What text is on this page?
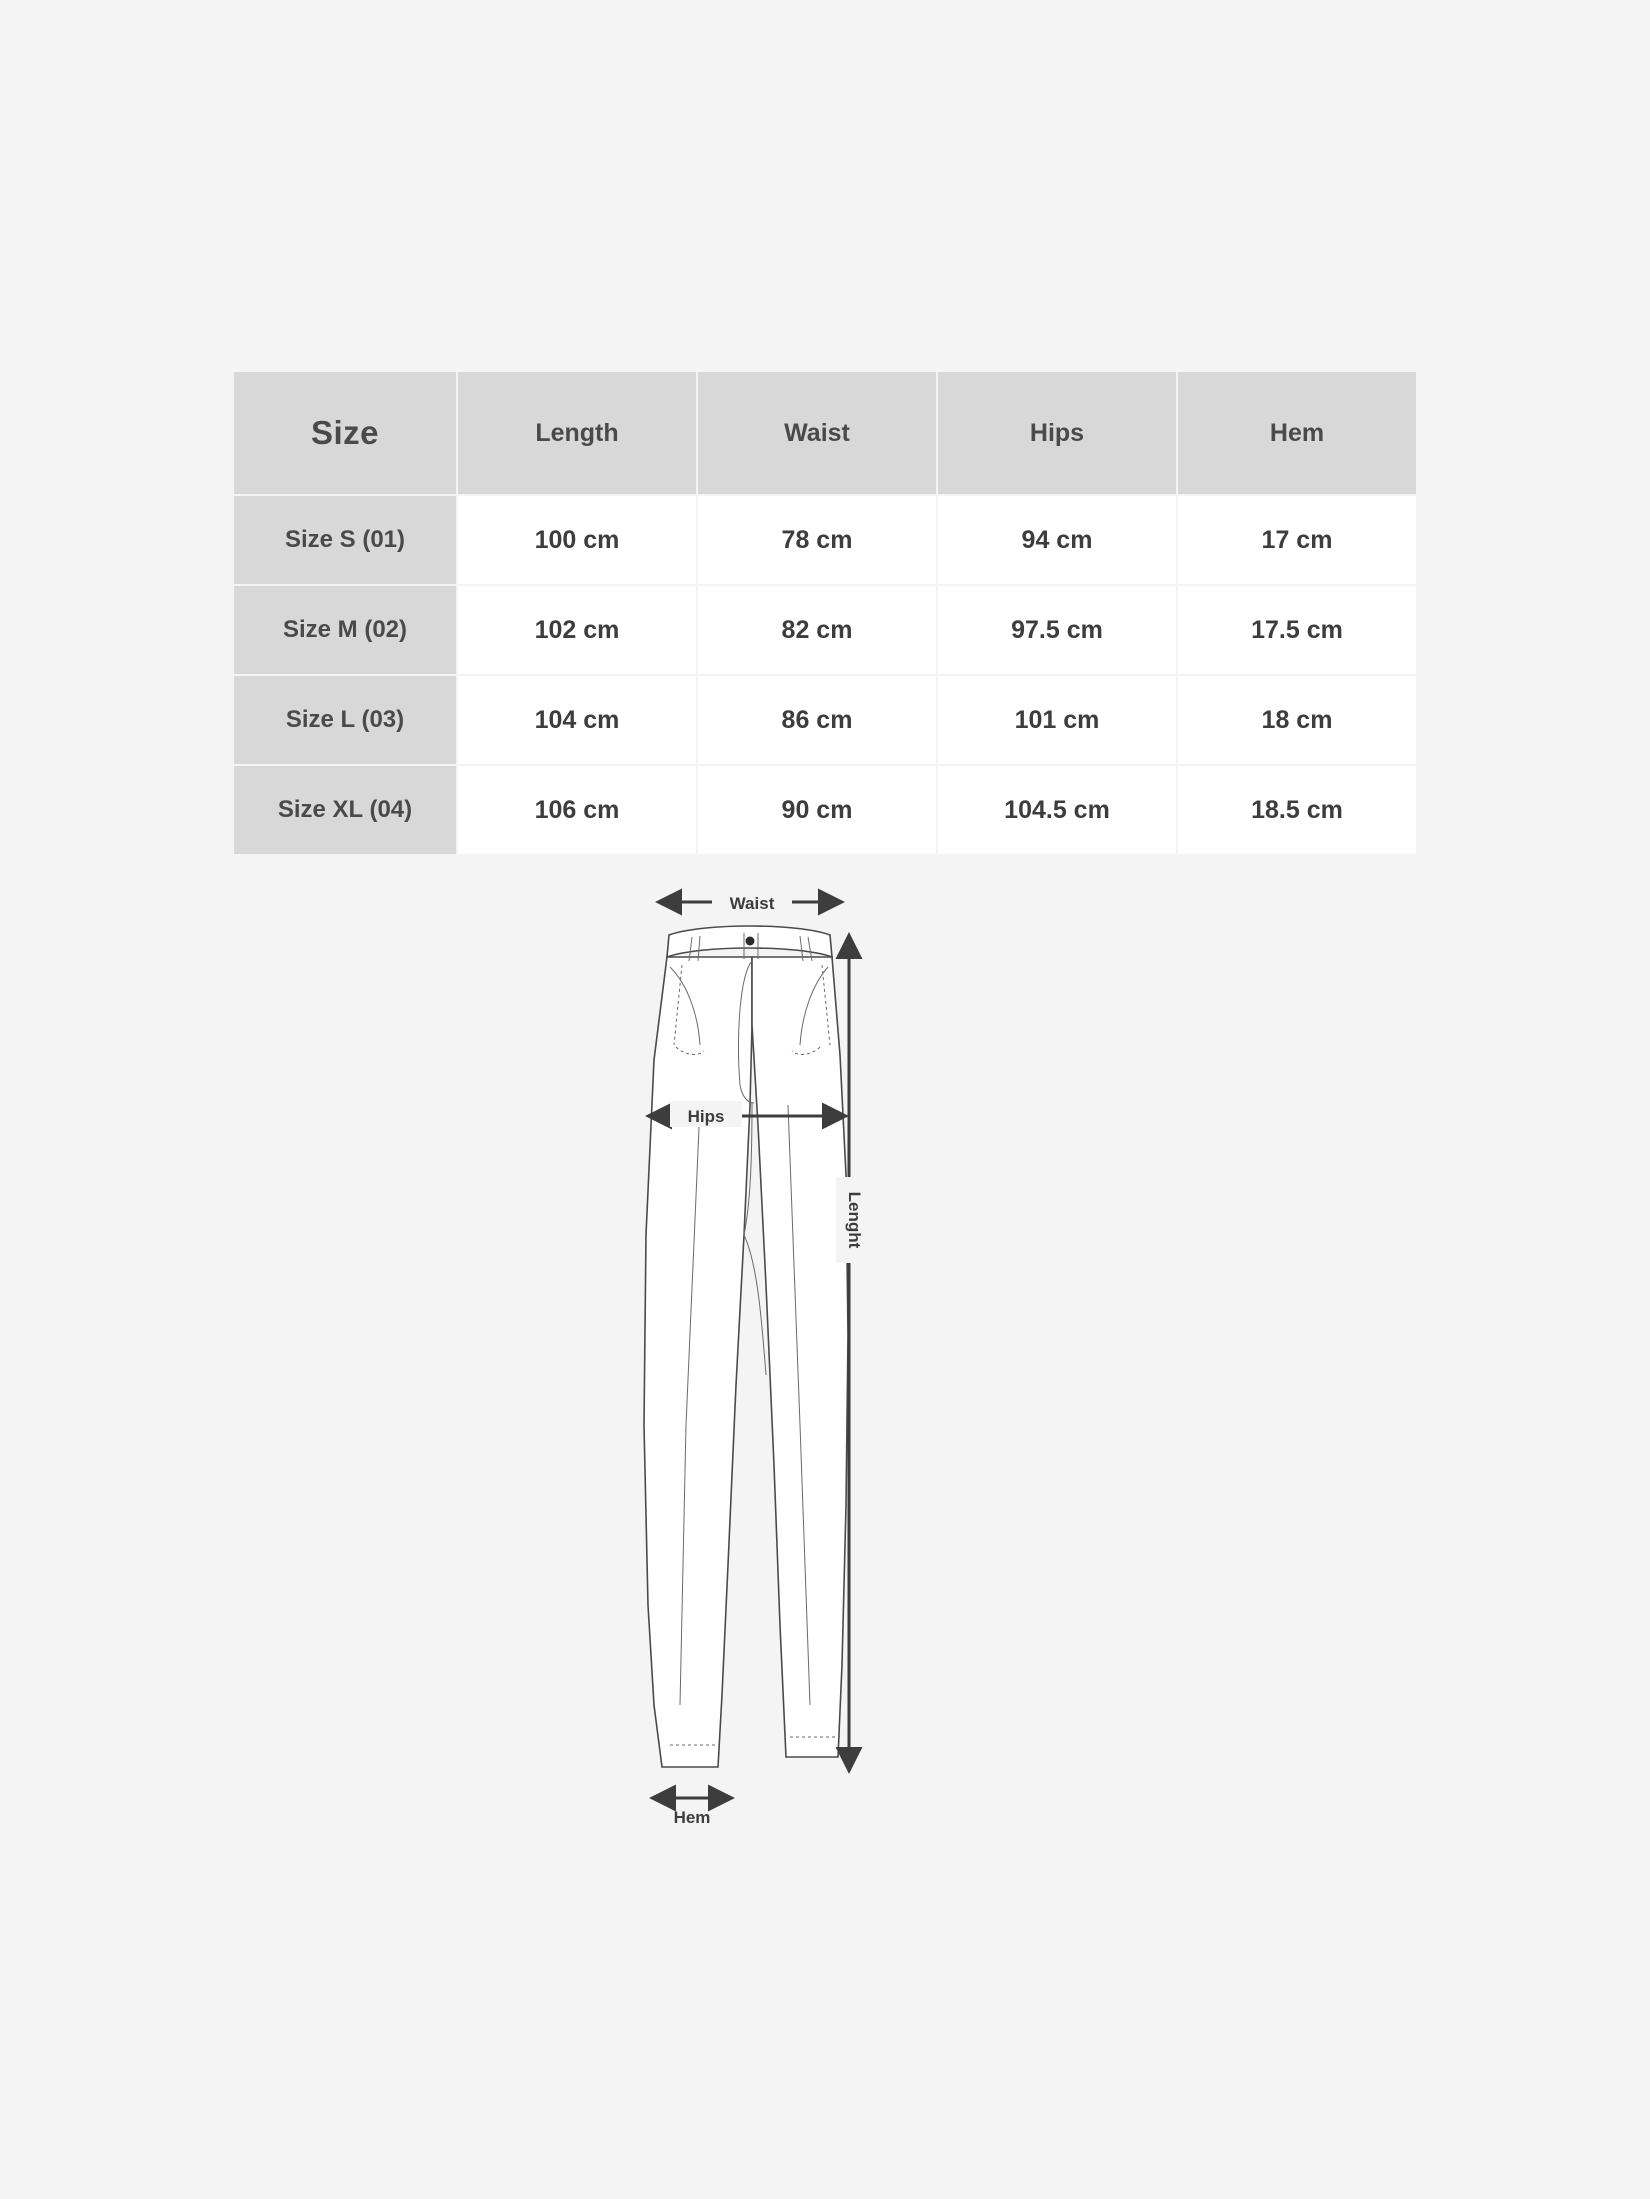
Size	Length	Waist	Hips	Hem
Size S (01)	100 cm	78 cm	94 cm	17 cm
Size M (02)	102 cm	82 cm	97.5 cm	17.5 cm
Size L (03)	104 cm	86 cm	101 cm	18 cm
Size XL (04)	106 cm	90 cm	104.5 cm	18.5 cm
Waist
Hips
Lenght
Hem
